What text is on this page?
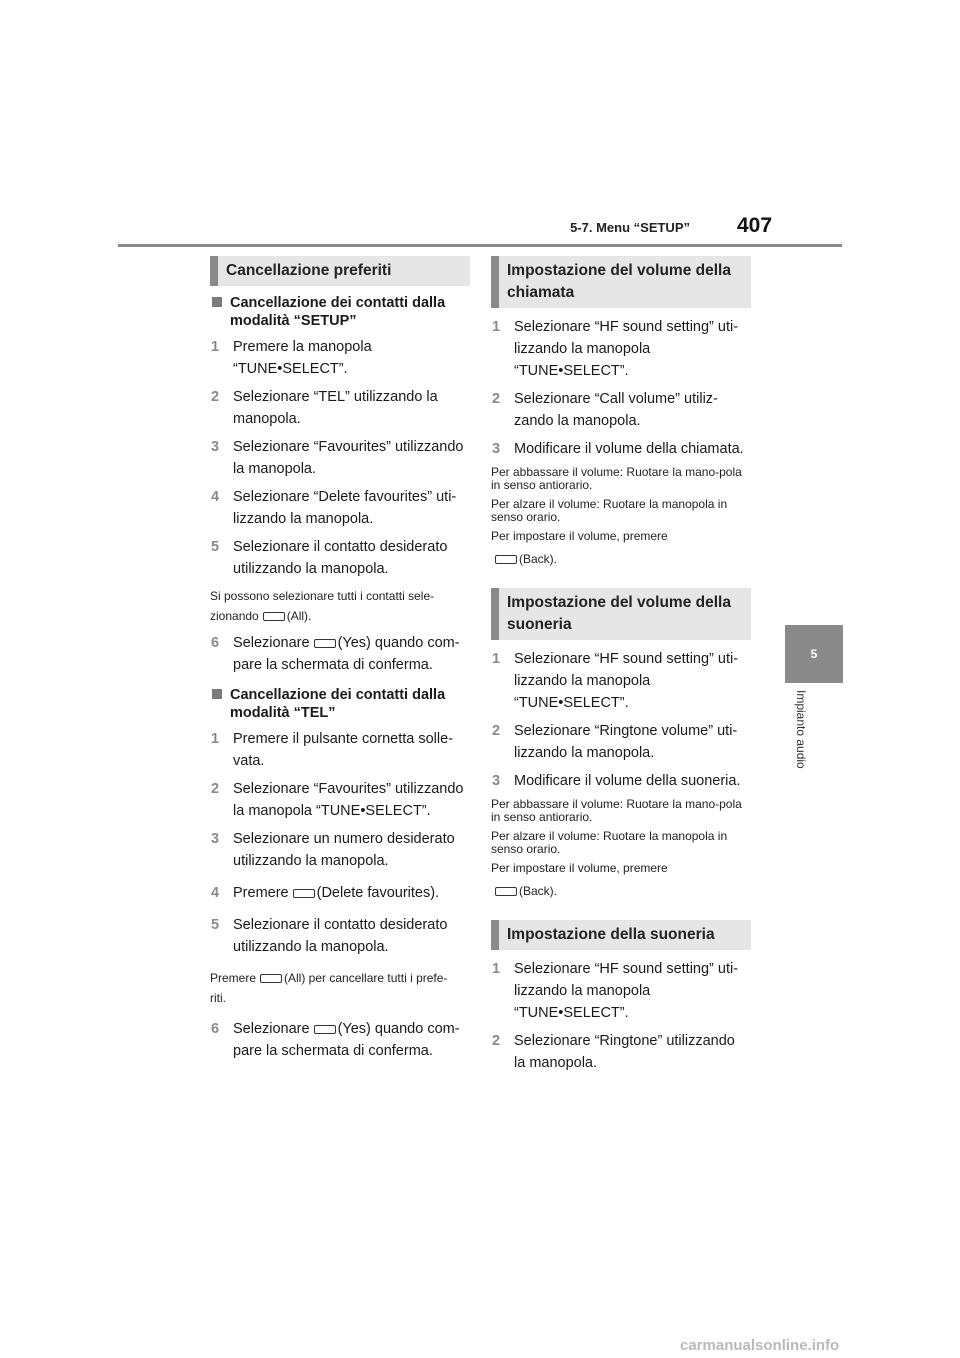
5-7. Menu “SETUP” 407
5
Impianto audio
Cancellazione preferiti
Cancellazione dei contatti dalla modalità “SETUP”
1 Premere la manopola
“TUNE•SELECT”.
2 Selezionare “TEL” utilizzando la
manopola.
3 Selezionare “Favourites” utilizzando
la manopola.
4 Selezionare “Delete favourites” uti-
lizzando la manopola.
5 Selezionare il contatto desiderato
utilizzando la manopola.
Si possono selezionare tutti i contatti sele-
zionando (All).
6 Selezionare (Yes) quando com-
pare la schermata di conferma.
Cancellazione dei contatti dalla modalità “TEL”
1 Premere il pulsante cornetta solle-
vata.
2 Selezionare “Favourites” utilizzando
la manopola “TUNE•SELECT”.
3 Selezionare un numero desiderato
utilizzando la manopola.
4 Premere (Delete favourites).
5 Selezionare il contatto desiderato
utilizzando la manopola.
Premere (All) per cancellare tutti i prefe-
riti.
6 Selezionare (Yes) quando com-
pare la schermata di conferma.
Impostazione del volume della chiamata
1 Selezionare “HF sound setting” uti-
lizzando la manopola
“TUNE•SELECT”.
2 Selezionare “Call volume” utiliz-
zando la manopola.
3 Modificare il volume della chiamata.
Per abbassare il volume: Ruotare la mano-pola in senso antiorario.
Per alzare il volume: Ruotare la manopola in senso orario.
Per impostare il volume, premere
(Back).
Impostazione del volume della suoneria
1 Selezionare “HF sound setting” uti-
lizzando la manopola
“TUNE•SELECT”.
2 Selezionare “Ringtone volume” uti-
lizzando la manopola.
3 Modificare il volume della suoneria.
Per abbassare il volume: Ruotare la mano-pola in senso antiorario.
Per alzare il volume: Ruotare la manopola in senso orario.
Per impostare il volume, premere
(Back).
Impostazione della suoneria
1 Selezionare “HF sound setting” uti-
lizzando la manopola
“TUNE•SELECT”.
2 Selezionare “Ringtone” utilizzando
la manopola.
carmanualsonline.info
